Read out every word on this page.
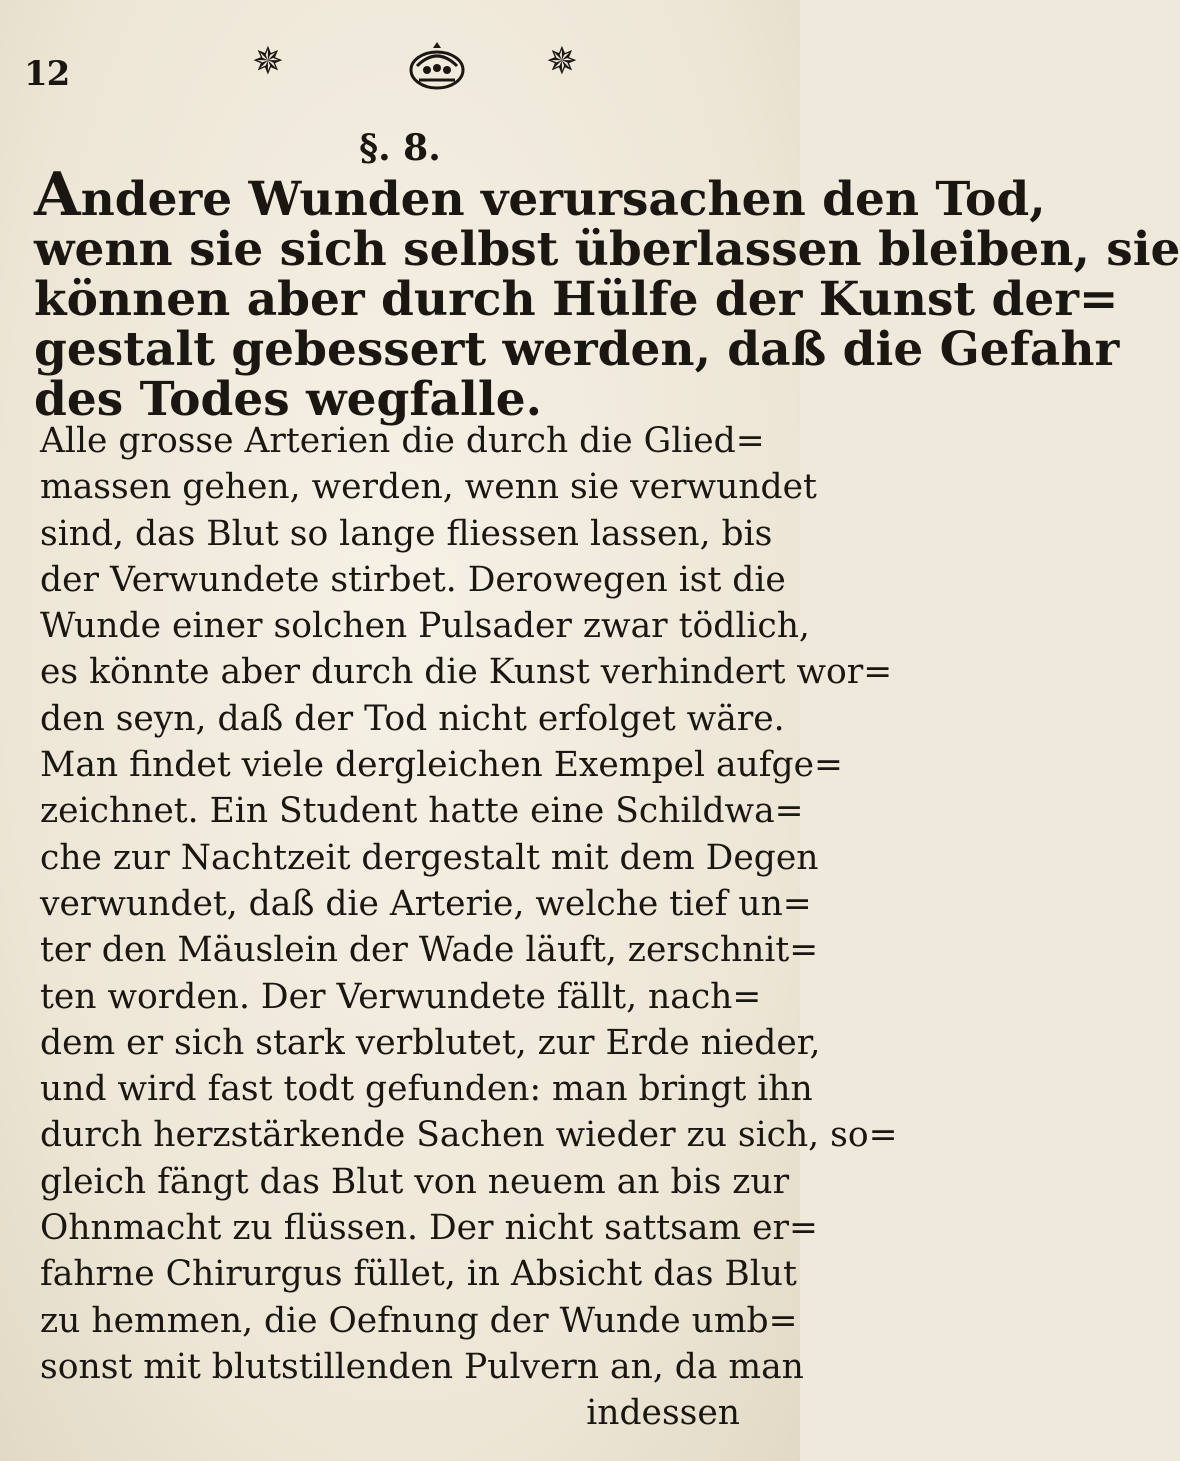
12	✵	✵
§. 8.
Andere Wunden verursachen den Tod,
wenn sie sich selbst überlassen bleiben, sie
können aber durch Hülfe der Kunst der=
gestalt gebessert werden, daß die Gefahr
des Todes wegfalle.
Alle grosse Arterien die durch die Glied=
massen gehen, werden, wenn sie verwundet
sind, das Blut so lange fliessen lassen, bis
der Verwundete stirbet. Derowegen ist die
Wunde einer solchen Pulsader zwar tödlich,
es könnte aber durch die Kunst verhindert wor=
den seyn, daß der Tod nicht erfolget wäre.
Man findet viele dergleichen Exempel aufge=
zeichnet. Ein Student hatte eine Schildwa=
che zur Nachtzeit dergestalt mit dem Degen
verwundet, daß die Arterie, welche tief un=
ter den Mäuslein der Wade läuft, zerschnit=
ten worden. Der Verwundete fällt, nach=
dem er sich stark verblutet, zur Erde nieder,
und wird fast todt gefunden: man bringt ihn
durch herzstärkende Sachen wieder zu sich, so=
gleich fängt das Blut von neuem an bis zur
Ohnmacht zu flüssen. Der nicht sattsam er=
fahrne Chirurgus füllet, in Absicht das Blut
zu hemmen, die Oefnung der Wunde umb=
sonst mit blutstillenden Pulvern an, da man
indessen
